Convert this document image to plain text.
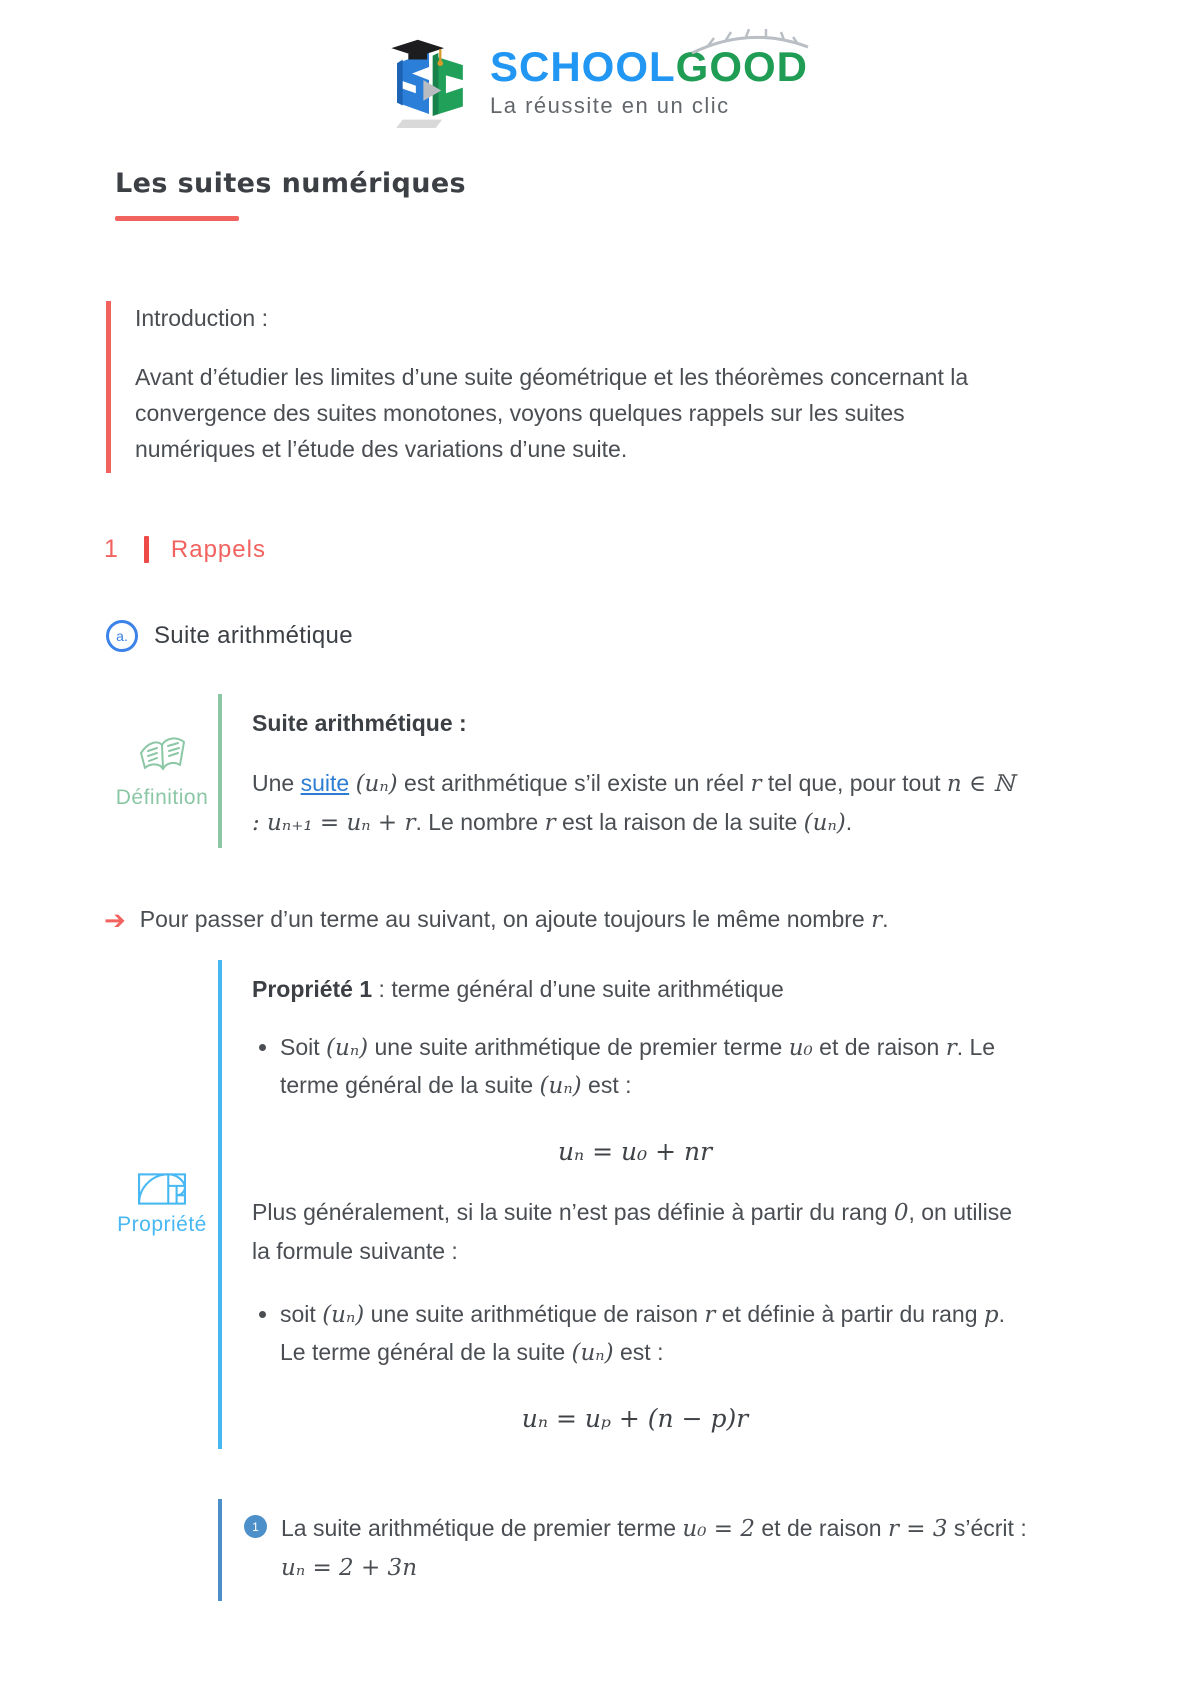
SCHOOLGOOD
La réussite en un clic
Les suites numériques
Introduction :
Avant d’étudier les limites d’une suite géométrique et les théorèmes concernant la convergence des suites monotones, voyons quelques rappels sur les suites numériques et l’étude des variations d’une suite.
1 Rappels
a.	Suite arithmétique
Définition
Suite arithmétique :
Une suite (uₙ) est arithmétique s’il existe un réel r tel que, pour tout n ∈ ℕ : uₙ₊₁ = uₙ + r. Le nombre r est la raison de la suite (uₙ).
➔ Pour passer d’un terme au suivant, on ajoute toujours le même nombre r.
Propriété
Propriété 1 : terme général d’une suite arithmétique
• Soit (uₙ) une suite arithmétique de premier terme u₀ et de raison r. Le terme général de la suite (uₙ) est :
uₙ = u₀ + nr
Plus généralement, si la suite n’est pas définie à partir du rang 0, on utilise la formule suivante :
• soit (uₙ) une suite arithmétique de raison r et définie à partir du rang p. Le terme général de la suite (uₙ) est :
uₙ = uₚ + (n − p)r
1 La suite arithmétique de premier terme u₀ = 2 et de raison r = 3 s’écrit : uₙ = 2 + 3n
